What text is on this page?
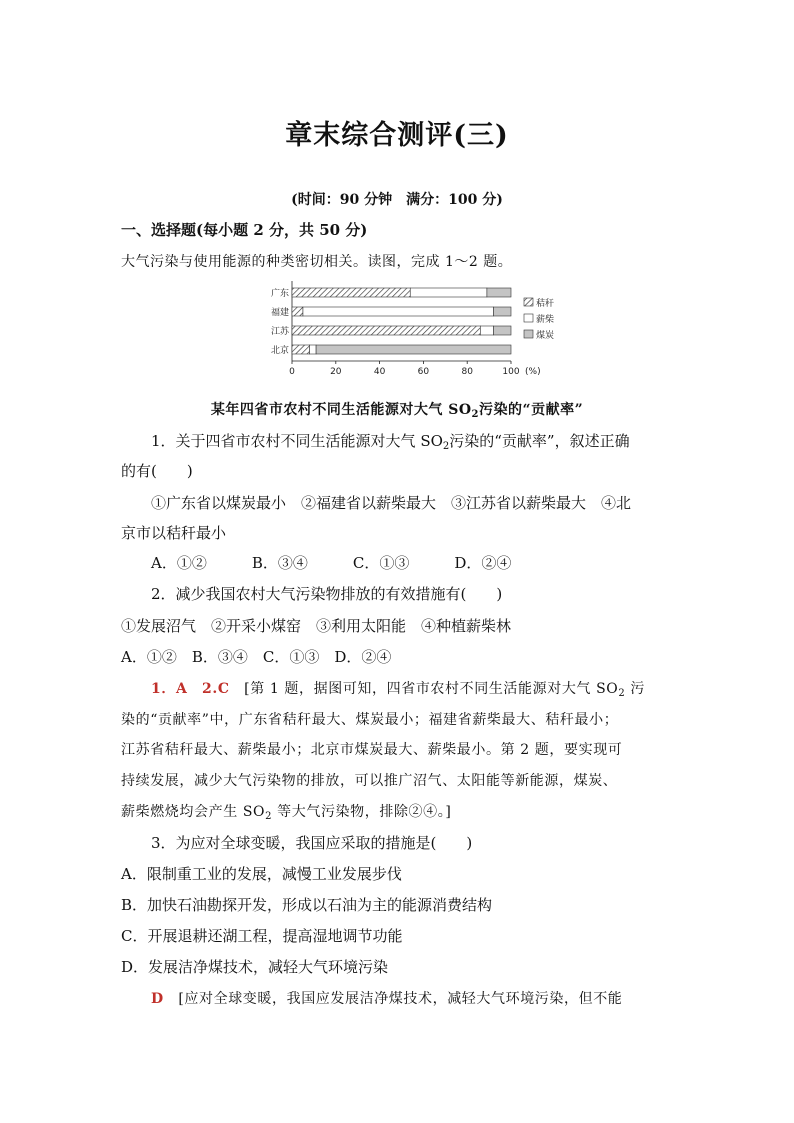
章末综合测评(三)
(时间：90 分钟　满分：100 分)
一、选择题(每小题 2 分，共 50 分)
大气污染与使用能源的种类密切相关。读图，完成 1～2 题。
广东
福建
江苏
北京
0	20	40	60	80	100 (%)
秸秆
薪柴
煤炭
某年四省市农村不同生活能源对大气 $SO_2$污染的“贡献率”
1．关于四省市农村不同生活能源对大气 $SO_2$污染的“贡献率”，叙述正确
的有(　　)
①广东省以煤炭最小　②福建省以薪柴最大　③江苏省以薪柴最大　④北
京市以秸秆最小
A．①②　　　B．③④　　　C．①③　　　D．②④
2．减少我国农村大气污染物排放的有效措施有(　　)
①发展沼气　②开采小煤窑　③利用太阳能　④种植薪柴林
A．①②　B．③④　C．①③　D．②④
1．A　2.C　[第 1 题，据图可知，四省市农村不同生活能源对大气 $SO_2$ 污
染的“贡献率”中，广东省秸秆最大、煤炭最小；福建省薪柴最大、秸秆最小；
江苏省秸秆最大、薪柴最小；北京市煤炭最大、薪柴最小。第 2 题，要实现可
持续发展，减少大气污染物的排放，可以推广沼气、太阳能等新能源，煤炭、
薪柴燃烧均会产生 $SO_2$ 等大气污染物，排除②④。]
3．为应对全球变暖，我国应采取的措施是(　　)
A．限制重工业的发展，减慢工业发展步伐
B．加快石油勘探开发，形成以石油为主的能源消费结构
C．开展退耕还湖工程，提高湿地调节功能
D．发展洁净煤技术，减轻大气环境污染
D　[应对全球变暖，我国应发展洁净煤技术，减轻大气环境污染，但不能
